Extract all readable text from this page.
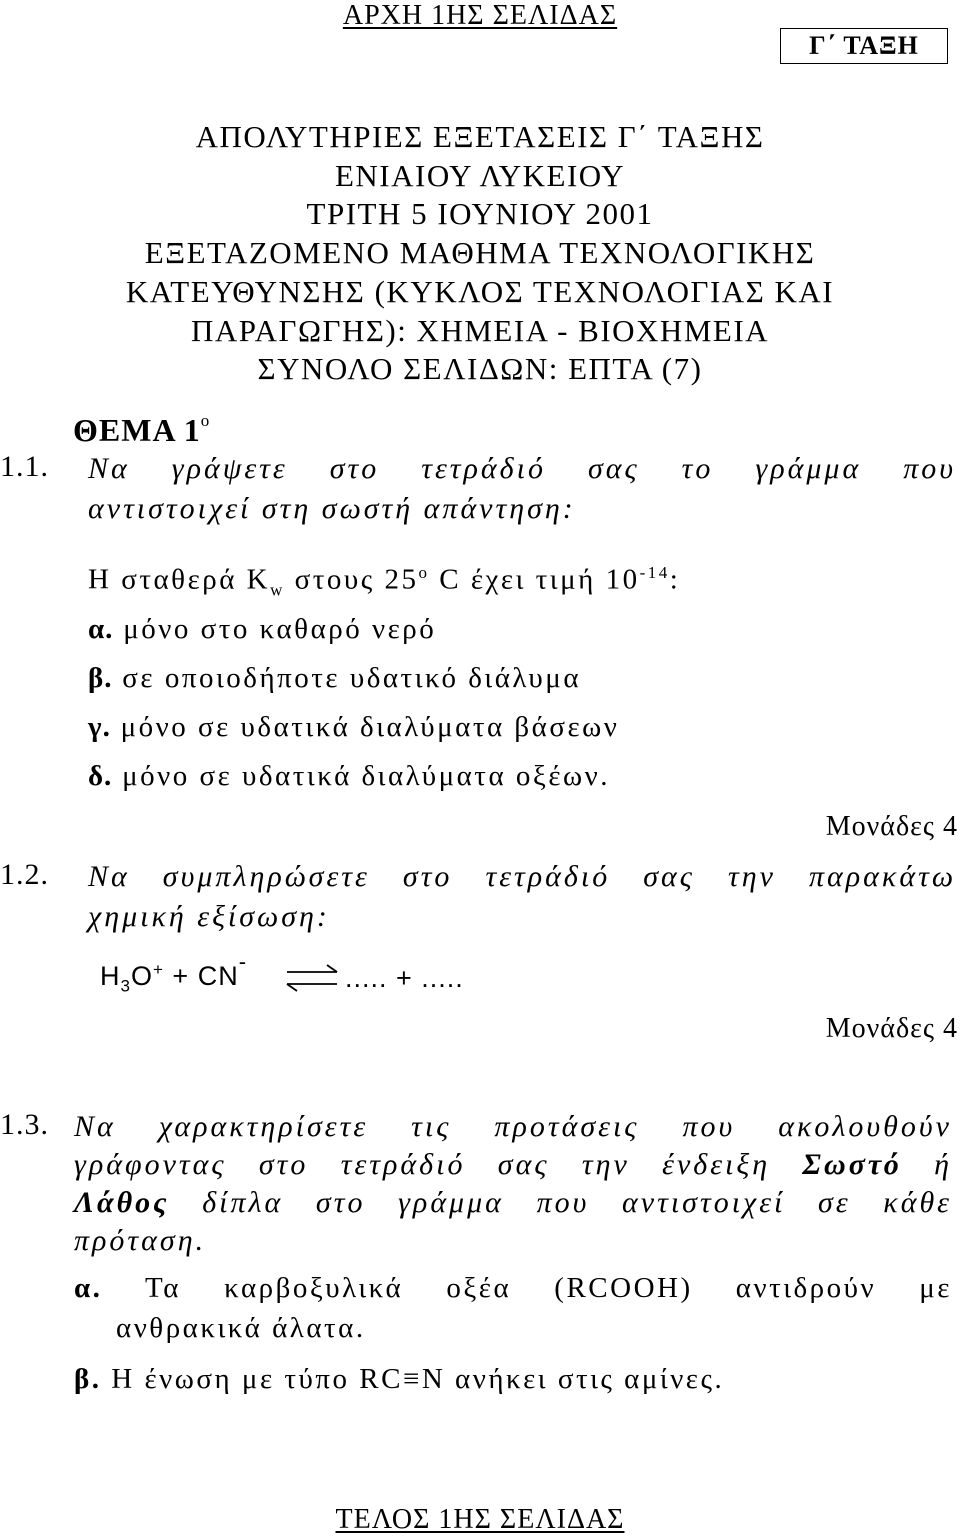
ΑΡΧΗ 1ΗΣ ΣΕΛΙΔΑΣ
Γ΄ ΤΑΞΗ
ΑΠΟΛΥΤΗΡΙΕΣ ΕΞΕΤΑΣΕΙΣ Γ΄ ΤΑΞΗΣ
ΕΝΙΑΙΟΥ ΛΥΚΕΙΟΥ
ΤΡΙΤΗ 5 ΙΟΥΝΙΟΥ 2001
ΕΞΕΤΑΖΟΜΕΝΟ ΜΑΘΗΜΑ ΤΕΧΝΟΛΟΓΙΚΗΣ
ΚΑΤΕΥΘΥΝΣΗΣ (ΚΥΚΛΟΣ ΤΕΧΝΟΛΟΓΙΑΣ ΚΑΙ
ΠΑΡΑΓΩΓΗΣ): ΧΗΜΕΙΑ - ΒΙΟΧΗΜΕΙΑ
ΣΥΝΟΛΟ ΣΕΛΙΔΩΝ: ΕΠΤΑ (7)
ΘΕΜΑ $1^o$
1.1. Να γράψετε στο τετράδιό σας το γράμμα που
αντιστοιχεί στη σωστή απάντηση:
Η σταθερά $K_w$ στους $25^o$ C έχει τιμή $10^{-14}$:
α. μόνο στο καθαρό νερό
β. σε οποιοδήποτε υδατικό διάλυμα
γ. μόνο σε υδατικά διαλύματα βάσεων
δ. μόνο σε υδατικά διαλύματα οξέων.
Μονάδες 4
1.2. Να συμπληρώσετε στο τετράδιό σας την παρακάτω
χημική εξίσωση:
$H_3O^+ + CN^-$ ⇌ ..... + .....
Μονάδες 4
1.3. Να χαρακτηρίσετε τις προτάσεις που ακολουθούν
γράφοντας στο τετράδιό σας την ένδειξη Σωστό ή
Λάθος δίπλα στο γράμμα που αντιστοιχεί σε κάθε
πρόταση.
α. Τα καρβοξυλικά οξέα (RCOOH) αντιδρούν με
ανθρακικά άλατα.
β. Η ένωση με τύπο RC≡N ανήκει στις αμίνες.
ΤΕΛΟΣ 1ΗΣ ΣΕΛΙΔΑΣ
